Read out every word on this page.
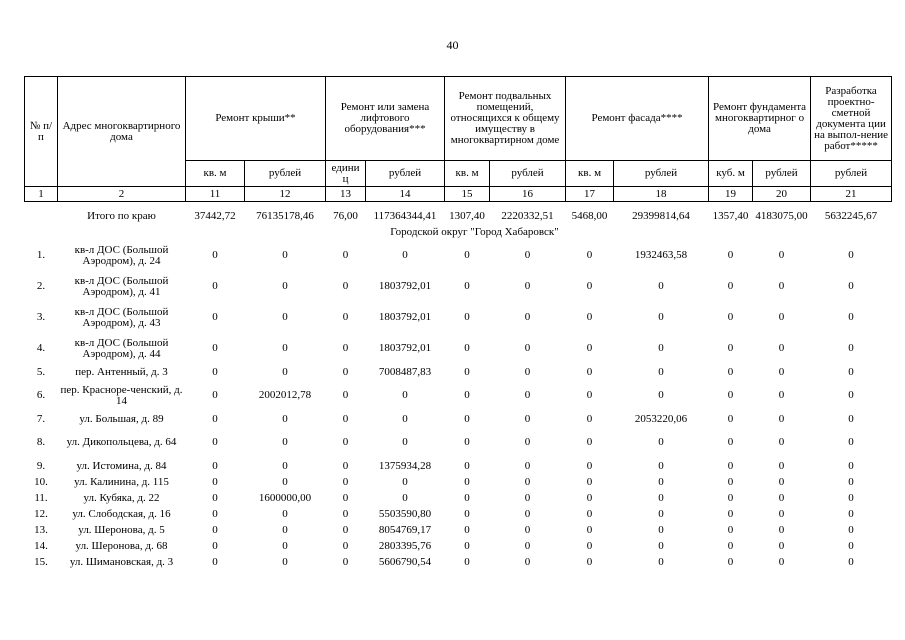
40
№ п/п	Адрес многоквартирного дома	Ремонт крыши**		Ремонт или замена лифтового оборудования***		Ремонт подвальных помещений, относящихся к общему имуществу в многоквартирном доме		Ремонт фасада****		Ремонт фундамента многоквартирног о дома		Разработка проектно-сметной документа ции на выпол-нение работ*****
		кв. м	рублей	едини ц	рублей	кв. м	рублей	кв. м	рублей	куб. м	рублей	рублей
1	2	11	12	13	14	15	16	17	18	19	20	21

	Итого по краю	37442,72	76135178,46	76,00	117364344,41	1307,40	2220332,51	5468,00	29399814,64	1357,40	4183075,00	5632245,67
	Городской округ "Город Хабаровск"											
1.	кв-л ДОС (Большой Аэродром), д. 24	0	0	0	0	0	0	0	1932463,58	0	0	0
2.	кв-л ДОС (Большой Аэродром), д. 41	0	0	0	1803792,01	0	0	0	0	0	0	0
3.	кв-л ДОС (Большой Аэродром), д. 43	0	0	0	1803792,01	0	0	0	0	0	0	0
4.	кв-л ДОС (Большой Аэродром), д. 44	0	0	0	1803792,01	0	0	0	0	0	0	0
5.	пер. Антенный, д. 3	0	0	0	7008487,83	0	0	0	0	0	0	0
6.	пер. Красноре-ченский, д. 14	0	2002012,78	0	0	0	0	0	0	0	0	0
7.	ул. Большая, д. 89	0	0	0	0	0	0	0	2053220,06	0	0	0
8.	ул. Дикопольцева, д. 64	0	0	0	0	0	0	0	0	0	0	0
9.	ул. Истомина, д. 84	0	0	0	1375934,28	0	0	0	0	0	0	0
10.	ул. Калинина, д. 115	0	0	0	0	0	0	0	0	0	0	0
11.	ул. Кубяка, д. 22	0	1600000,00	0	0	0	0	0	0	0	0	0
12.	ул. Слободская, д. 16	0	0	0	5503590,80	0	0	0	0	0	0	0
13.	ул. Шеронова, д. 5	0	0	0	8054769,17	0	0	0	0	0	0	0
14.	ул. Шеронова, д. 68	0	0	0	2803395,76	0	0	0	0	0	0	0
15.	ул. Шимановская, д. 3	0	0	0	5606790,54	0	0	0	0	0	0	0
